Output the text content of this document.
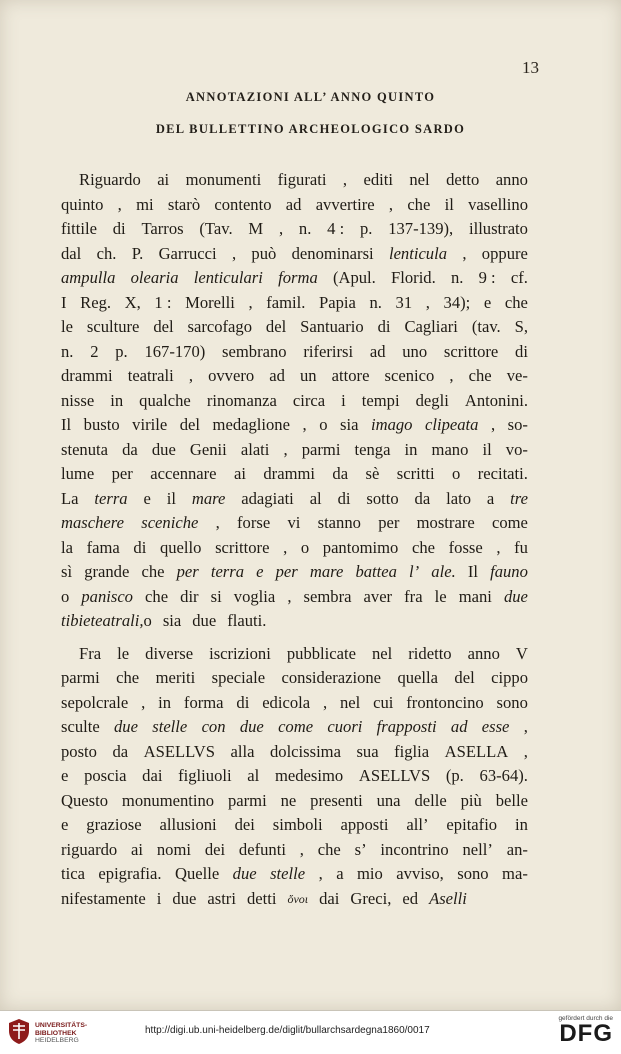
13
ANNOTAZIONI ALL’ ANNO QUINTO
DEL BULLETTINO ARCHEOLOGICO SARDO
Riguardo ai monumenti figurati , editi nel detto anno
quinto , mi starò contento ad avvertire , che il vasellino
fittile di Tarros (Tav. M , n. 4 : p. 137-139), illustrato
dal ch. P. Garrucci , può denominarsi lenticula , oppure
ampulla olearia lenticulari forma (Apul. Florid. n. 9 : cf.
I Reg. X, 1 : Morelli , famil. Papia n. 31 , 34); e che
le sculture del sarcofago del Santuario di Cagliari (tav. S,
n. 2 p. 167-170) sembrano riferirsi ad uno scrittore di
drammi teatrali , ovvero ad un attore scenico , che ve-
nisse in qualche rinomanza circa i tempi degli Antonini.
Il busto virile del medaglione , o sia imago clipeata , so-
stenuta da due Genii alati , parmi tenga in mano il vo-
lume per accennare ai drammi da sè scritti o recitati.
La terra e il mare adagiati al di sotto da lato a tre
maschere sceniche , forse vi stanno per mostrare come
la fama di quello scrittore , o pantomimo che fosse , fu
sì grande che per terra e per mare battea l’ ale. Il fauno
o panisco che dir si voglia , sembra aver fra le mani due
tibie teatrali, o sia due flauti.
Fra le diverse iscrizioni pubblicate nel ridetto anno V
parmi che meriti speciale considerazione quella del cippo
sepolcrale , in forma di edicola , nel cui frontoncino sono
sculte due stelle con due come cuori frapposti ad esse ,
posto da ASELLVS alla dolcissima sua figlia ASELLA ,
e poscia dai figliuoli al medesimo ASELLVS (p. 63-64).
Questo monumentino parmi ne presenti una delle più belle
e graziose allusioni dei simboli apposti all’ epitafio in
riguardo ai nomi dei defunti , che s’ incontrino nell’ an-
tica epigrafia. Quelle due stelle , a mio avviso, sono ma-
nifestamente i due astri detti ὄνοι dai Greci, ed Aselli
UNIVERSITÄTS-
BIBLIOTHEK
HEIDELBERG
http://digi.ub.uni-heidelberg.de/diglit/bullarchsardegna1860/0017
gefördert durch die
DFG
